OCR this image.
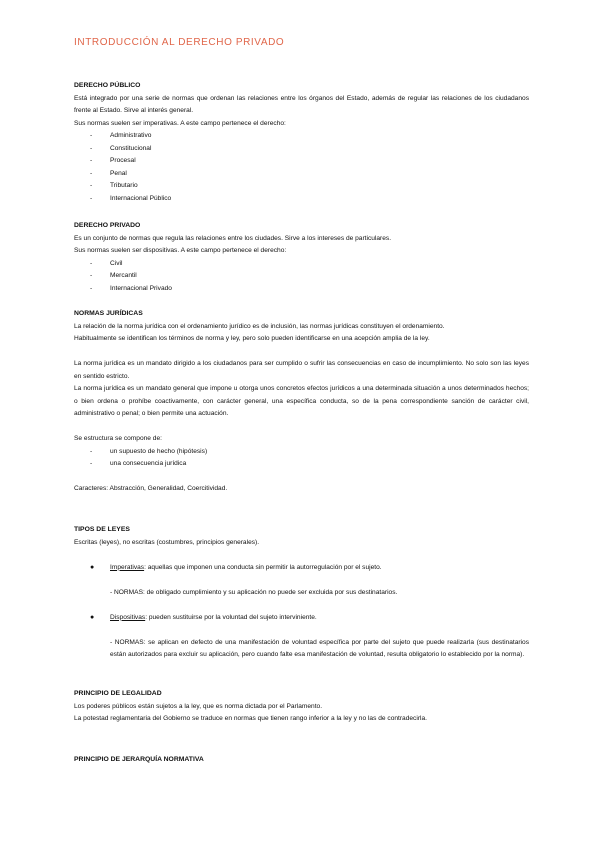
INTRODUCCIÓN AL DERECHO PRIVADO
DERECHO PÚBLICO
Está integrado por una serie de normas que ordenan las relaciones entre los órganos del Estado, además de regular las relaciones de los ciudadanos frente al Estado. Sirve al interés general.
Sus normas suelen ser imperativas. A este campo pertenece el derecho:
- Administrativo
- Constitucional
- Procesal
- Penal
- Tributario
- Internacional Público
DERECHO PRIVADO
Es un conjunto de normas que regula las relaciones entre los ciudades. Sirve a los intereses de particulares.
Sus normas suelen ser dispositivas. A este campo pertenece el derecho:
- Civil
- Mercantil
- Internacional Privado
NORMAS JURÍDICAS
La relación de la norma jurídica con el ordenamiento jurídico es de inclusión, las normas jurídicas constituyen el ordenamiento.
Habitualmente se identifican los términos de norma y ley, pero solo pueden identificarse en una acepción amplia de la ley.
La norma jurídica es un mandato dirigido a los ciudadanos para ser cumplido o sufrir las consecuencias en caso de incumplimiento. No solo son las leyes en sentido estricto.
La norma jurídica es un mandato general que impone u otorga unos concretos efectos jurídicos a una determinada situación a unos determinados hechos; o bien ordena o prohíbe coactivamente, con carácter general, una específica conducta, so de la pena correspondiente sanción de carácter civil, administrativo o penal; o bien permite una actuación.
Se estructura se compone de:
- un supuesto de hecho (hipótesis)
- una consecuencia jurídica
Caracteres: Abstracción, Generalidad, Coercitividad.
TIPOS DE LEYES
Escritas (leyes), no escritas (costumbres, principios generales).
● Imperativas: aquellas que imponen una conducta sin permitir la autorregulación por el sujeto.
- NORMAS: de obligado cumplimiento y su aplicación no puede ser excluida por sus destinatarios.
● Dispositivas: pueden sustituirse por la voluntad del sujeto interviniente.
- NORMAS: se aplican en defecto de una manifestación de voluntad específica por parte del sujeto que puede realizarla (sus destinatarios están autorizados para excluir su aplicación, pero cuando falte esa manifestación de voluntad, resulta obligatorio lo establecido por la norma).
PRINCIPIO DE LEGALIDAD
Los poderes públicos están sujetos a la ley, que es norma dictada por el Parlamento.
La potestad reglamentaria del Gobierno se traduce en normas que tienen rango inferior a la ley y no las de contradecirla.
PRINCIPIO DE JERARQUÍA NORMATIVA
